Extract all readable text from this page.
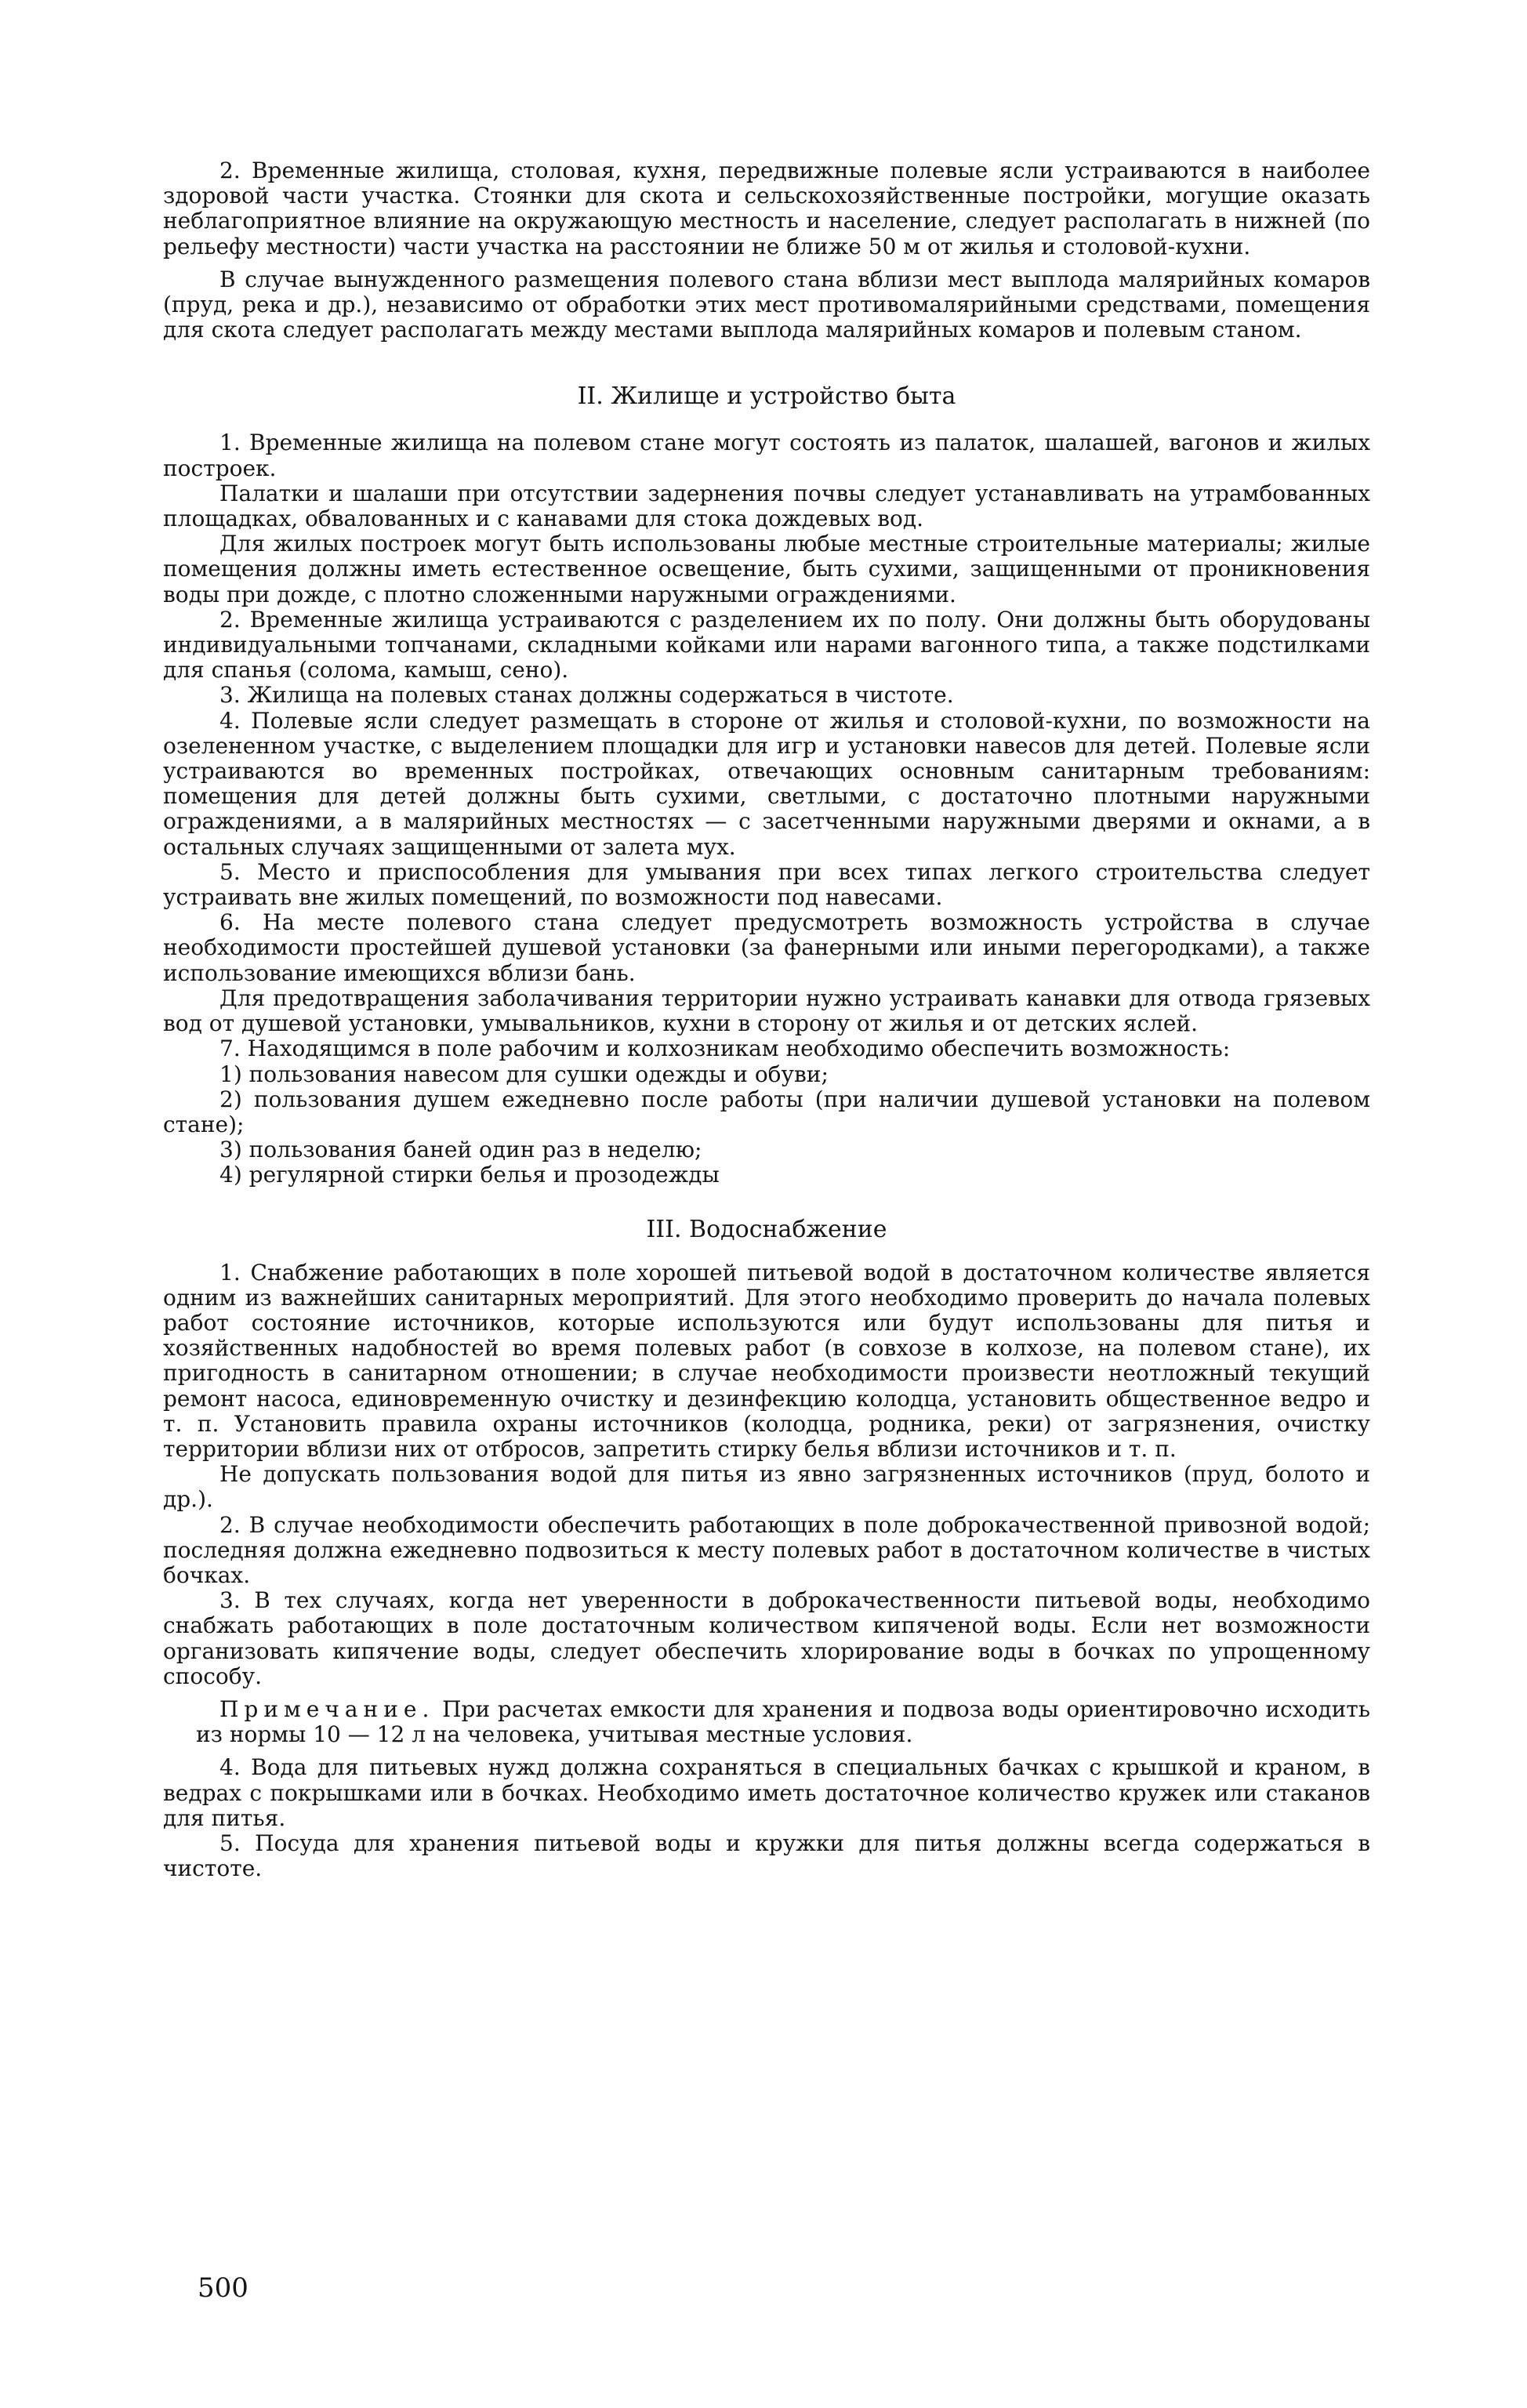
2. Временные жилища, столовая, кухня, передвижные полевые ясли устраиваются в наиболее здоровой части участка. Стоянки для скота и сельскохозяйственные постройки, могущие оказать неблагоприятное влияние на окружающую местность и население, следует располагать в нижней (по рельефу местности) части участка на расстоянии не ближе 50 м от жилья и столовой-кухни.

В случае вынужденного размещения полевого стана вблизи мест выплода малярийных комаров (пруд, река и др.), независимо от обработки этих мест противомалярийными средствами, помещения для скота следует располагать между местами выплода малярийных комаров и полевым станом.

II. Жилище и устройство быта

1. Временные жилища на полевом стане могут состоять из палаток, шалашей, вагонов и жилых построек.

Палатки и шалаши при отсутствии задернения почвы следует устанавливать на утрамбованных площадках, обвалованных и с канавами для стока дождевых вод.

Для жилых построек могут быть использованы любые местные строительные материалы; жилые помещения должны иметь естественное освещение, быть сухими, защищенными от проникновения воды при дожде, с плотно сложенными наружными ограждениями.

2. Временные жилища устраиваются с разделением их по полу. Они должны быть оборудованы индивидуальными топчанами, складными койками или нарами вагонного типа, а также подстилками для спанья (солома, камыш, сено).

3. Жилища на полевых станах должны содержаться в чистоте.

4. Полевые ясли следует размещать в стороне от жилья и столовой-кухни, по возможности на озелененном участке, с выделением площадки для игр и установки навесов для детей. Полевые ясли устраиваются во временных постройках, отвечающих основным санитарным требованиям: помещения для детей должны быть сухими, светлыми, с достаточно плотными наружными ограждениями, а в малярийных местностях — с засетченными наружными дверями и окнами, а в остальных случаях защищенными от залета мух.

5. Место и приспособления для умывания при всех типах легкого строительства следует устраивать вне жилых помещений, по возможности под навесами.

6. На месте полевого стана следует предусмотреть возможность устройства в случае необходимости простейшей душевой установки (за фанерными или иными перегородками), а также использование имеющихся вблизи бань.

Для предотвращения заболачивания территории нужно устраивать канавки для отвода грязевых вод от душевой установки, умывальников, кухни в сторону от жилья и от детских яслей.

7. Находящимся в поле рабочим и колхозникам необходимо обеспечить возможность:

1) пользования навесом для сушки одежды и обуви;

2) пользования душем ежедневно после работы (при наличии душевой установки на полевом стане);

3) пользования баней один раз в неделю;

4) регулярной стирки белья и прозодежды

III. Водоснабжение

1. Снабжение работающих в поле хорошей питьевой водой в достаточном количестве является одним из важнейших санитарных мероприятий. Для этого необходимо проверить до начала полевых работ состояние источников, которые используются или будут использованы для питья и хозяйственных надобностей во время полевых работ (в совхозе в колхозе, на полевом стане), их пригодность в санитарном отношении; в случае необходимости произвести неотложный текущий ремонт насоса, единовременную очистку и дезинфекцию колодца, установить общественное ведро и т. п. Установить правила охраны источников (колодца, родника, реки) от загрязнения, очистку территории вблизи них от отбросов, запретить стирку белья вблизи источников и т. п.

Не допускать пользования водой для питья из явно загрязненных источников (пруд, болото и др.).

2. В случае необходимости обеспечить работающих в поле доброкачественной привозной водой; последняя должна ежедневно подвозиться к месту полевых работ в достаточном количестве в чистых бочках.

3. В тех случаях, когда нет уверенности в доброкачественности питьевой воды, необходимо снабжать работающих в поле достаточным количеством кипяченой воды. Если нет возможности организовать кипячение воды, следует обеспечить хлорирование воды в бочках по упрощенному способу.

Примечание. При расчетах емкости для хранения и подвоза воды ориентировочно исходить из нормы 10 — 12 л на человека, учитывая местные условия.

4. Вода для питьевых нужд должна сохраняться в специальных бачках с крышкой и краном, в ведрах с покрышками или в бочках. Необходимо иметь достаточное количество кружек или стаканов для питья.

5. Посуда для хранения питьевой воды и кружки для питья должны всегда содержаться в чистоте.

500
